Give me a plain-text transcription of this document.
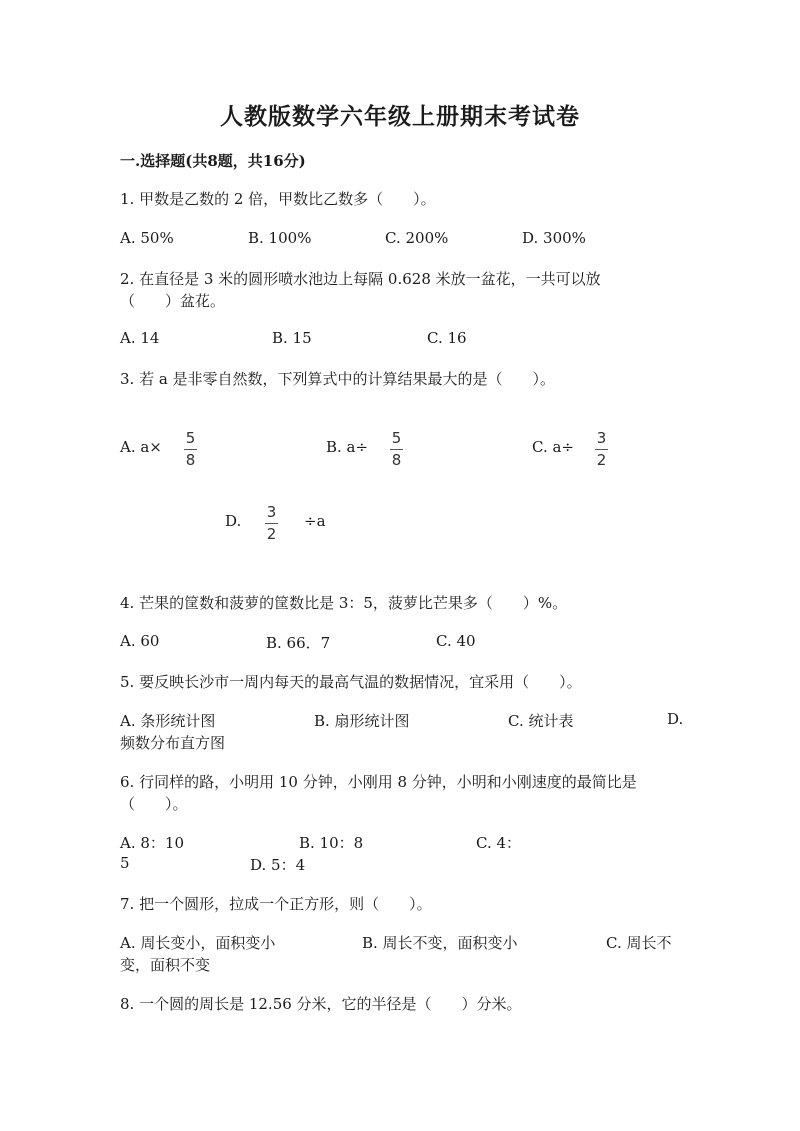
人教版数学六年级上册期末考试卷
一.选择题(共8题，共16分)
1. 甲数是乙数的 2 倍，甲数比乙数多（　　）。
A. 50%	B. 100%	C. 200%	D. 300%
2. 在直径是 3 米的圆形喷水池边上每隔 0.628 米放一盆花，一共可以放
（　　）盆花。
A. 14	B. 15	C. 16
3. 若 a 是非零自然数，下列算式中的计算结果最大的是（　　）。
A. a× 5
8
B. a÷ 5
8
C. a÷ 3
2
D. 3
2
÷a
4. 芒果的筐数和菠萝的筐数比是 3：5，菠萝比芒果多（　　）%。
A. 60	B. 66．7	C. 40
5. 要反映长沙市一周内每天的最高气温的数据情况，宜采用（　　）。
A. 条形统计图	B. 扇形统计图	C. 统计表	D.
频数分布直方图
6. 行同样的路，小明用 10 分钟，小刚用 8 分钟，小明和小刚速度的最简比是
（　　）。
A. 8：10	B. 10：8	C. 4：
5	D. 5：4
7. 把一个圆形，拉成一个正方形，则（　　）。
A. 周长变小，面积变小	B. 周长不变，面积变小	C. 周长不
变，面积不变
8. 一个圆的周长是 12.56 分米，它的半径是（　　）分米。
